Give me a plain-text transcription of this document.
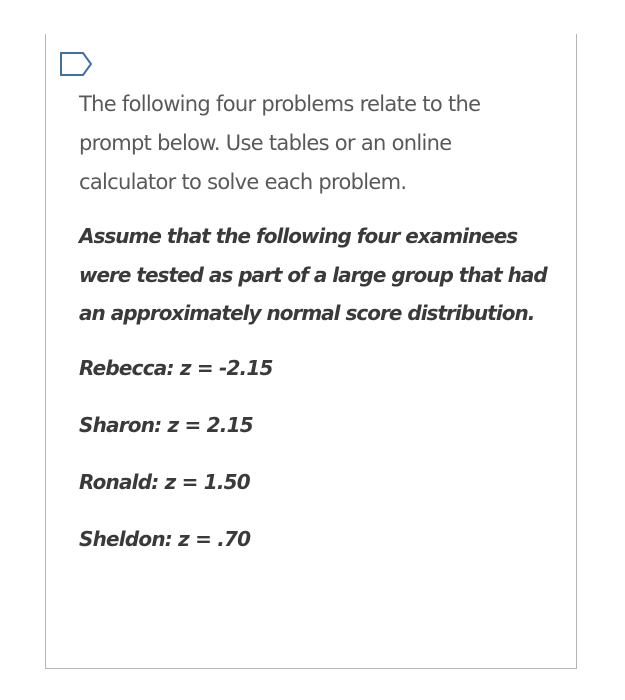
The following four problems relate to the prompt below. Use tables or an online calculator to solve each problem.

Assume that the following four examinees were tested as part of a large group that had an approximately normal score distribution.

Rebecca: z = -2.15

Sharon: z = 2.15

Ronald: z = 1.50

Sheldon: z = .70
